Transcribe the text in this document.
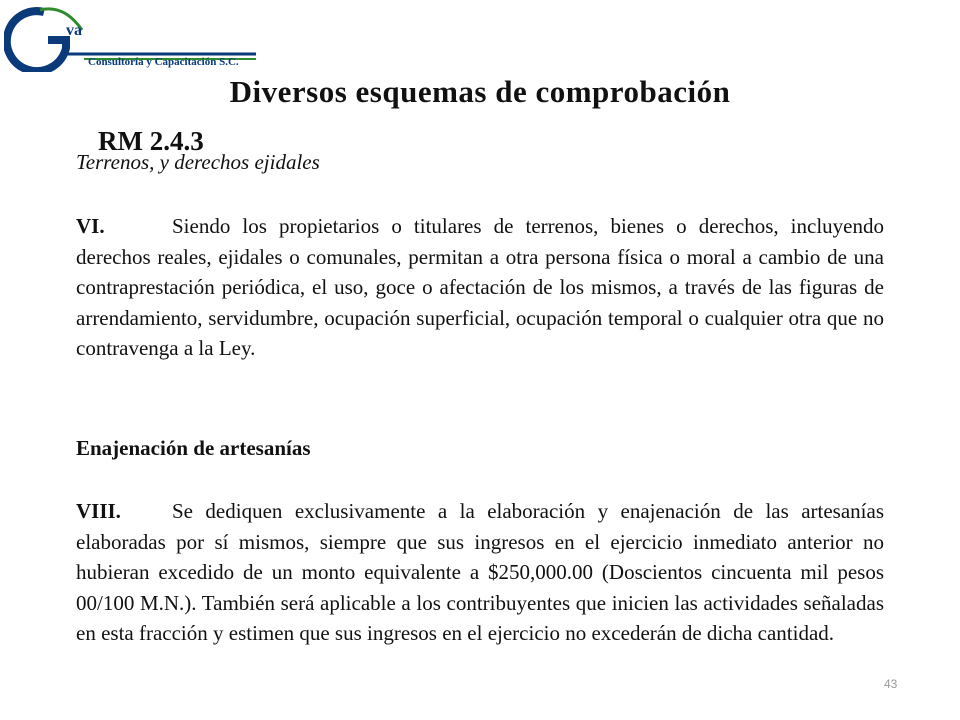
va
Consultoría y Capacitación S.C.
Diversos esquemas de comprobación
RM 2.4.3

Terrenos, y derechos ejidales

VI.	Siendo los propietarios o titulares de terrenos, bienes o derechos, incluyendo derechos reales, ejidales o comunales, permitan a otra persona física o moral a cambio de una contraprestación periódica, el uso, goce o afectación de los mismos, a través de las figuras de arrendamiento, servidumbre, ocupación superficial, ocupación temporal o cualquier otra que no contravenga a la Ley.

Enajenación de artesanías

VIII. Se dediquen exclusivamente a la elaboración y enajenación de las artesanías elaboradas por sí mismos, siempre que sus ingresos en el ejercicio inmediato anterior no hubieran excedido de un monto equivalente a $250,000.00 (Doscientos cincuenta mil pesos 00/100 M.N.). También será aplicable a los contribuyentes que inicien las actividades señaladas en esta fracción y estimen que sus ingresos en el ejercicio no excederán de dicha cantidad.

43
